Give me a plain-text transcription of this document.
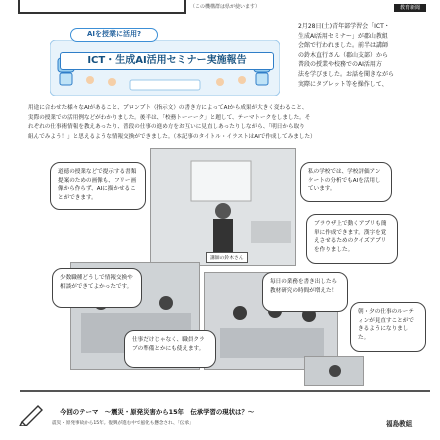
（この機構群は県が使います）	教育新聞
AIを授業に活用?
ICT・生成AI活用セミナー実施報告
2月28日(土)青年部学習会「ICT・
生成AI活用セミナー」が郡山教組
会館で行われました。前半は講師
の鈴木直行さん（郡山支部）から
普段の授業や校務でのAI活用方
法を学びました。お話を聞きながら
実際にタブレット等を操作して、
用途に合わせた様々なAIがあること、プロンプト（指示文）の書き方によってAIから成果が大きく変わること、
実際の授業での活用例などがわかりました。後半は、「校務トーーーク」と題して、テーマトークをしました。そ
れぞれの仕事術情報を教えあったり、普段の仕事の進め方をお互いに見直しあったりしながら、「明日から取り
組んでみよう！」と思えるような情報交換ができました。（本記事のタイトル・イラストはAIで作成してみました）
講師の鈴木さん
道徳の授業などで提示する書類提案のための画像も、フリー画像から作らず、AIに描かせることができます。
私の学校では、学校評価アンケートの分析でもAIを活用しています。
ブラウザ上で動くアプリも簡単に作成できます。漢字を覚えさせるためのクイズアプリを作りました。
少数職種どうしで情報交換や相談ができてよかったです。
毎日の業務を書き出したら教材研究の時間が増えた！
朝・夕の仕事のルーティンが見直すことができるようになりました。
仕事だけじゃなく、職員クラブの準備とかにも使えます。
今回のテーマ　～震災・原発災害から15年　伝承学習の現状は？～
震災・原発事故から15年。復興が進む中で風化も懸念され、「伝承」	福島教組
